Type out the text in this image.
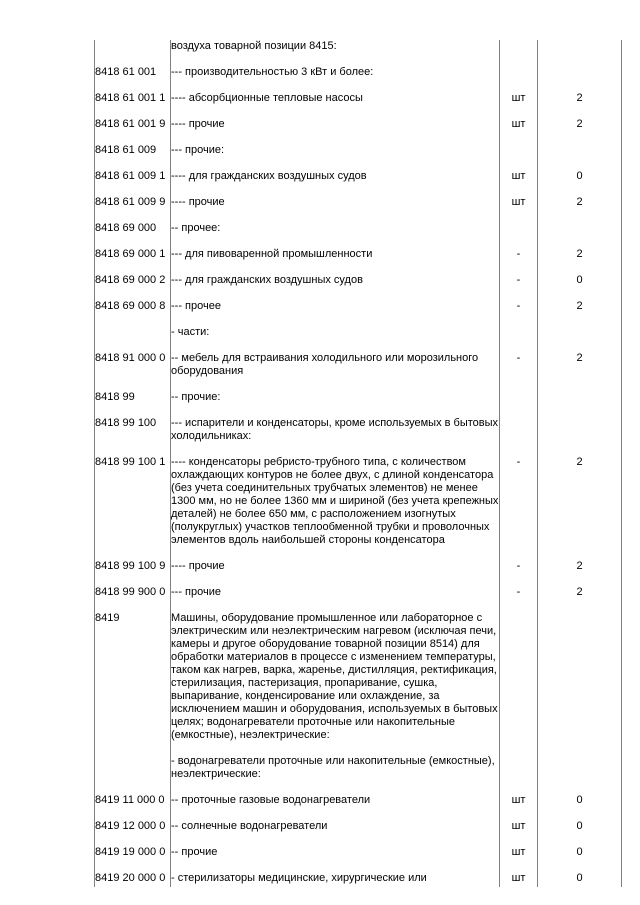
	воздуха товарной позиции 8415:		
8418 61 001	--- производительностью 3 кВт и более:		
8418 61 001 1	---- абсорбционные тепловые насосы	шт	2
8418 61 001 9	---- прочие	шт	2
8418 61 009	--- прочие:		
8418 61 009 1	---- для гражданских воздушных судов	шт	0
8418 61 009 9	---- прочие	шт	2
8418 69 000	-- прочее:		
8418 69 000 1	--- для пивоваренной промышленности	-	2
8418 69 000 2	--- для гражданских воздушных судов	-	0
8418 69 000 8	--- прочее	-	2
	- части:		
8418 91 000 0	-- мебель для встраивания холодильного или морозильного оборудования	-	2
8418 99	-- прочие:		
8418 99 100	--- испарители и конденсаторы, кроме используемых в бытовых холодильниках:		
8418 99 100 1	---- конденсаторы ребристо-трубного типа, с количеством охлаждающих контуров не более двух, с длиной конденсатора (без учета соединительных трубчатых элементов) не менее 1300 мм, но не более 1360 мм и шириной (без учета крепежных деталей) не более 650 мм, с расположением изогнутых (полукруглых) участков теплообменной трубки и проволочных элементов вдоль наибольшей стороны конденсатора	-	2
8418 99 100 9	---- прочие	-	2
8418 99 900 0	--- прочие	-	2
8419	Машины, оборудование промышленное или лабораторное с электрическим или неэлектрическим нагревом (исключая печи, камеры и другое оборудование товарной позиции 8514) для обработки материалов в процессе с изменением температуры, таком как нагрев, варка, жаренье, дистилляция, ректификация, стерилизация, пастеризация, пропаривание, сушка, выпаривание, конденсирование или охлаждение, за исключением машин и оборудования, используемых в бытовых целях; водонагреватели проточные или накопительные (емкостные), неэлектрические:		
	- водонагреватели проточные или накопительные (емкостные), неэлектрические:		
8419 11 000 0	-- проточные газовые водонагреватели	шт	0
8419 12 000 0	-- солнечные водонагреватели	шт	0
8419 19 000 0	-- прочие	шт	0
8419 20 000 0	- стерилизаторы медицинские, хирургические или	шт	0
